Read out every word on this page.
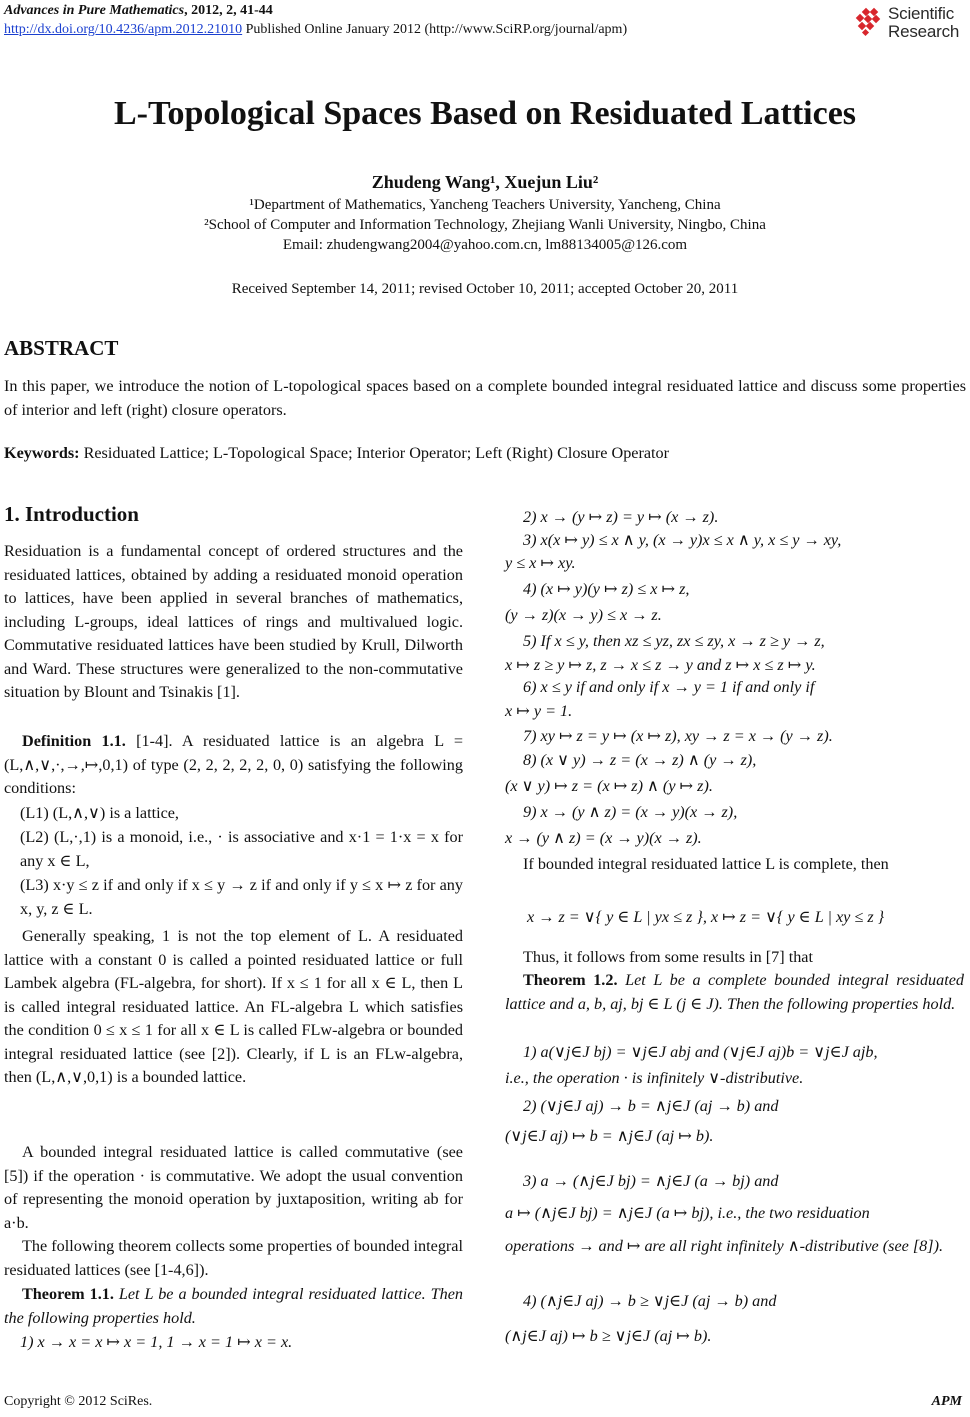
Advances in Pure Mathematics, 2012, 2, 41-44
http://dx.doi.org/10.4236/apm.2012.21010 Published Online January 2012 (http://www.SciRP.org/journal/apm)
Scientific
Research
L-Topological Spaces Based on Residuated Lattices
Zhudeng Wang¹, Xuejun Liu²
¹Department of Mathematics, Yancheng Teachers University, Yancheng, China
²School of Computer and Information Technology, Zhejiang Wanli University, Ningbo, China
Email: zhudengwang2004@yahoo.com.cn, lm88134005@126.com
Received September 14, 2011; revised October 10, 2011; accepted October 20, 2011
ABSTRACT
In this paper, we introduce the notion of L-topological spaces based on a complete bounded integral residuated lattice and discuss some properties of interior and left (right) closure operators.
Keywords: Residuated Lattice; L-Topological Space; Interior Operator; Left (Right) Closure Operator
1. Introduction
Residuation is a fundamental concept of ordered structures and the residuated lattices, obtained by adding a residuated monoid operation to lattices, have been applied in several branches of mathematics, including L-groups, ideal lattices of rings and multivalued logic. Commutative residuated lattices have been studied by Krull, Dilworth and Ward. These structures were generalized to the non-commutative situation by Blount and Tsinakis [1].
Definition 1.1. [1-4]. A residuated lattice is an algebra L = (L,∧,∨,·,→,↦,0,1) of type (2, 2, 2, 2, 2, 0, 0) satisfying the following conditions:
(L1) (L,∧,∨) is a lattice,
(L2) (L,·,1) is a monoid, i.e., · is associative and x·1 = 1·x = x for any x ∈ L,
(L3) x·y ≤ z if and only if x ≤ y → z if and only if y ≤ x ↦ z for any x, y, z ∈ L.
Generally speaking, 1 is not the top element of L. A residuated lattice with a constant 0 is called a pointed residuated lattice or full Lambek algebra (FL-algebra, for short). If x ≤ 1 for all x ∈ L, then L is called integral residuated lattice. An FL-algebra L which satisfies the condition 0 ≤ x ≤ 1 for all x ∈ L is called FLw-algebra or bounded integral residuated lattice (see [2]). Clearly, if L is an FLw-algebra, then (L,∧,∨,0,1) is a bounded lattice.
A bounded integral residuated lattice is called commutative (see [5]) if the operation · is commutative. We adopt the usual convention of representing the monoid operation by juxtaposition, writing ab for a·b.
The following theorem collects some properties of bounded integral residuated lattices (see [1-4,6]).
Theorem 1.1. Let L be a bounded integral residuated lattice. Then the following properties hold.
1) x → x = x ↦ x = 1, 1 → x = 1 ↦ x = x.
2) x → (y ↦ z) = y ↦ (x → z).
3) x(x ↦ y) ≤ x ∧ y, (x → y)x ≤ x ∧ y, x ≤ y → xy,
y ≤ x ↦ xy.
4) (x ↦ y)(y ↦ z) ≤ x ↦ z,
(y → z)(x → y) ≤ x → z.
5) If x ≤ y, then xz ≤ yz, zx ≤ zy, x → z ≥ y → z,
x ↦ z ≥ y ↦ z, z → x ≤ z → y and z ↦ x ≤ z ↦ y.
6) x ≤ y if and only if x → y = 1 if and only if
x ↦ y = 1.
7) xy ↦ z = y ↦ (x ↦ z), xy → z = x → (y → z).
8) (x ∨ y) → z = (x → z) ∧ (y → z),
(x ∨ y) ↦ z = (x ↦ z) ∧ (y ↦ z).
9) x → (y ∧ z) = (x → y)(x → z),
x → (y ∧ z) = (x → y)(x → z).
If bounded integral residuated lattice L is complete, then
x → z = ∨{ y ∈ L | yx ≤ z }, x ↦ z = ∨{ y ∈ L | xy ≤ z }
Thus, it follows from some results in [7] that
Theorem 1.2. Let L be a complete bounded integral residuated lattice and a, b, aj, bj ∈ L (j ∈ J). Then the following properties hold.
1) a(∨j∈J bj) = ∨j∈J abj and (∨j∈J aj)b = ∨j∈J ajb,
i.e., the operation · is infinitely ∨-distributive.
2) (∨j∈J aj) → b = ∧j∈J (aj → b) and
(∨j∈J aj) ↦ b = ∧j∈J (aj ↦ b).
3) a → (∧j∈J bj) = ∧j∈J (a → bj) and
a ↦ (∧j∈J bj) = ∧j∈J (a ↦ bj), i.e., the two residuation
operations → and ↦ are all right infinitely ∧-distributive (see [8]).
4) (∧j∈J aj) → b ≥ ∨j∈J (aj → b) and
(∧j∈J aj) ↦ b ≥ ∨j∈J (aj ↦ b).
Copyright © 2012 SciRes.	APM
